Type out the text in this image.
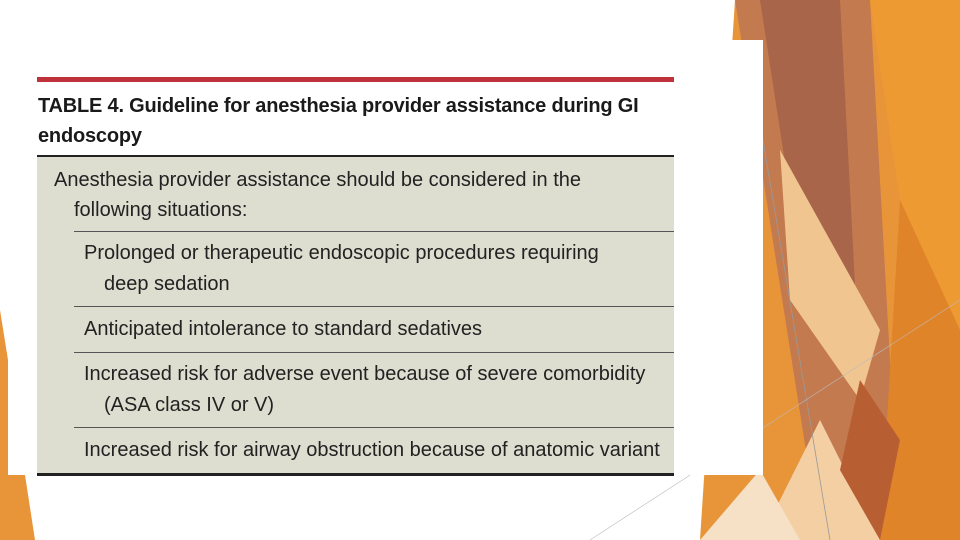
TABLE 4. Guideline for anesthesia provider assistance during GI
endoscopy
Anesthesia provider assistance should be considered in the
following situations:
Prolonged or therapeutic endoscopic procedures requiring
deep sedation
Anticipated intolerance to standard sedatives
Increased risk for adverse event because of severe comorbidity
(ASA class IV or V)
Increased risk for airway obstruction because of anatomic variant
